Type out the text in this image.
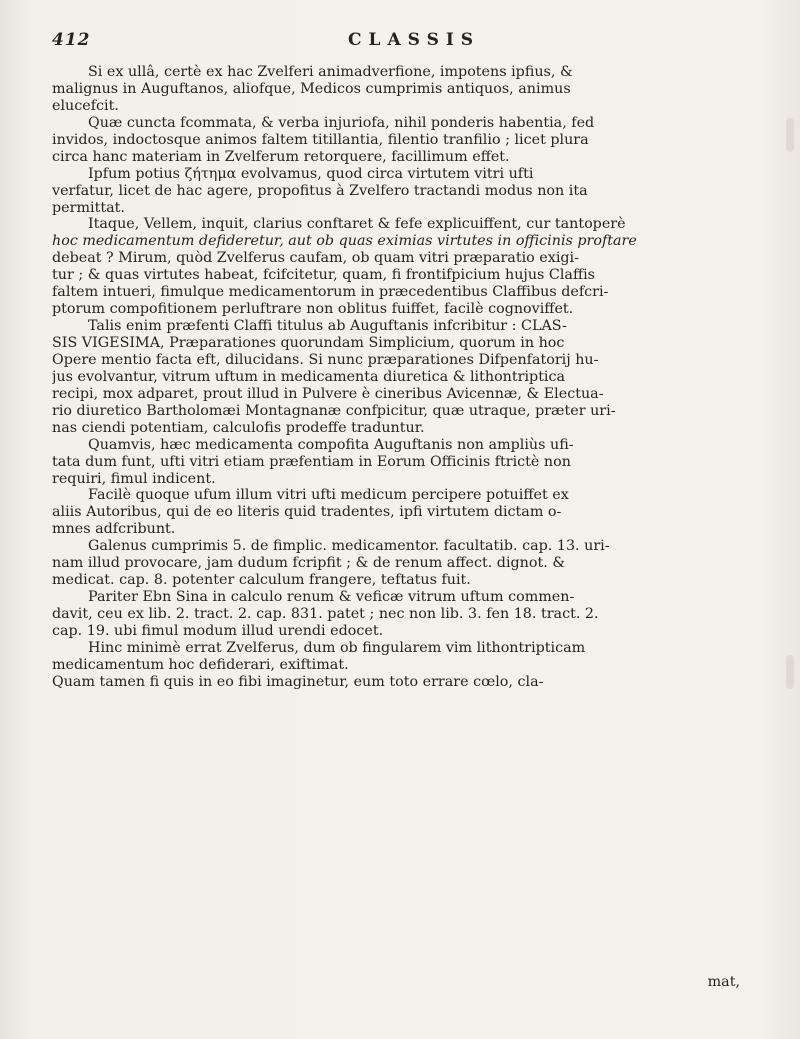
412	CLASSIS
Si ex ullâ, certè ex hac Zvelferi animadverfione, impotens ipfius, &
malignus in Auguftanos, aliofque, Medicos cumprimis antiquos, animus
elucefcit.
Quæ cuncta fcommata, & verba injuriofa, nihil ponderis habentia, fed
invidos, indoctosque animos faltem titillantia, filentio tranfilio ; licet plura
circa hanc materiam in Zvelferum retorquere, facillimum effet.
Ipfum potius ζήτημα evolvamus, quod circa virtutem vitri ufti
verfatur, licet de hac agere, propofitus à Zvelfero tractandi modus non ita
permittat.
Itaque, Vellem, inquit, clarius conftaret & fefe explicuiffent, cur tantoperè
hoc medicamentum defideretur, aut ob quas eximias virtutes in officinis proftare
debeat ? Mirum, quòd Zvelferus caufam, ob quam vitri præparatio exigi-
tur ; & quas virtutes habeat, fcifcitetur, quam, fi frontifpicium hujus Claffis
faltem intueri, fimulque medicamentorum in præcedentibus Claffibus defcri-
ptorum compofitionem perluftrare non oblitus fuiffet, facilè cognoviffet.
Talis enim præfenti Claffi titulus ab Auguftanis infcribitur : CLAS-
SIS VIGESIMA, Præparationes quorundam Simplicium, quorum in hoc
Opere mentio facta eft, dilucidans. Si nunc præparationes Difpenfatorij hu-
jus evolvantur, vitrum uftum in medicamenta diuretica & lithontriptica
recipi, mox adparet, prout illud in Pulvere è cineribus Avicennæ, & Electua-
rio diuretico Bartholomæi Montagnanæ confpicitur, quæ utraque, præter uri-
nas ciendi potentiam, calculofis prodeffe traduntur.
Quamvis, hæc medicamenta compofita Auguftanis non ampliùs ufi-
tata dum funt, ufti vitri etiam præfentiam in Eorum Officinis ftrictè non
requiri, fimul indicent.
Facilè quoque ufum illum vitri ufti medicum percipere potuiffet ex
aliis Autoribus, qui de eo literis quid tradentes, ipfi virtutem dictam o-
mnes adfcribunt.
Galenus cumprimis 5. de fimplic. medicamentor. facultatib. cap. 13. uri-
nam illud provocare, jam dudum fcripfit ; & de renum affect. dignot. &
medicat. cap. 8. potenter calculum frangere, teftatus fuit.
Pariter Ebn Sina in calculo renum & veficæ vitrum uftum commen-
davit, ceu ex lib. 2. tract. 2. cap. 831. patet ; nec non lib. 3. fen 18. tract. 2.
cap. 19. ubi fimul modum illud urendi edocet.
Hinc minimè errat Zvelferus, dum ob fingularem vim lithontripticam
medicamentum hoc defiderari, exiftimat.
Quam tamen fi quis in eo fibi imaginetur, eum toto errare cœlo, cla-
mat,
